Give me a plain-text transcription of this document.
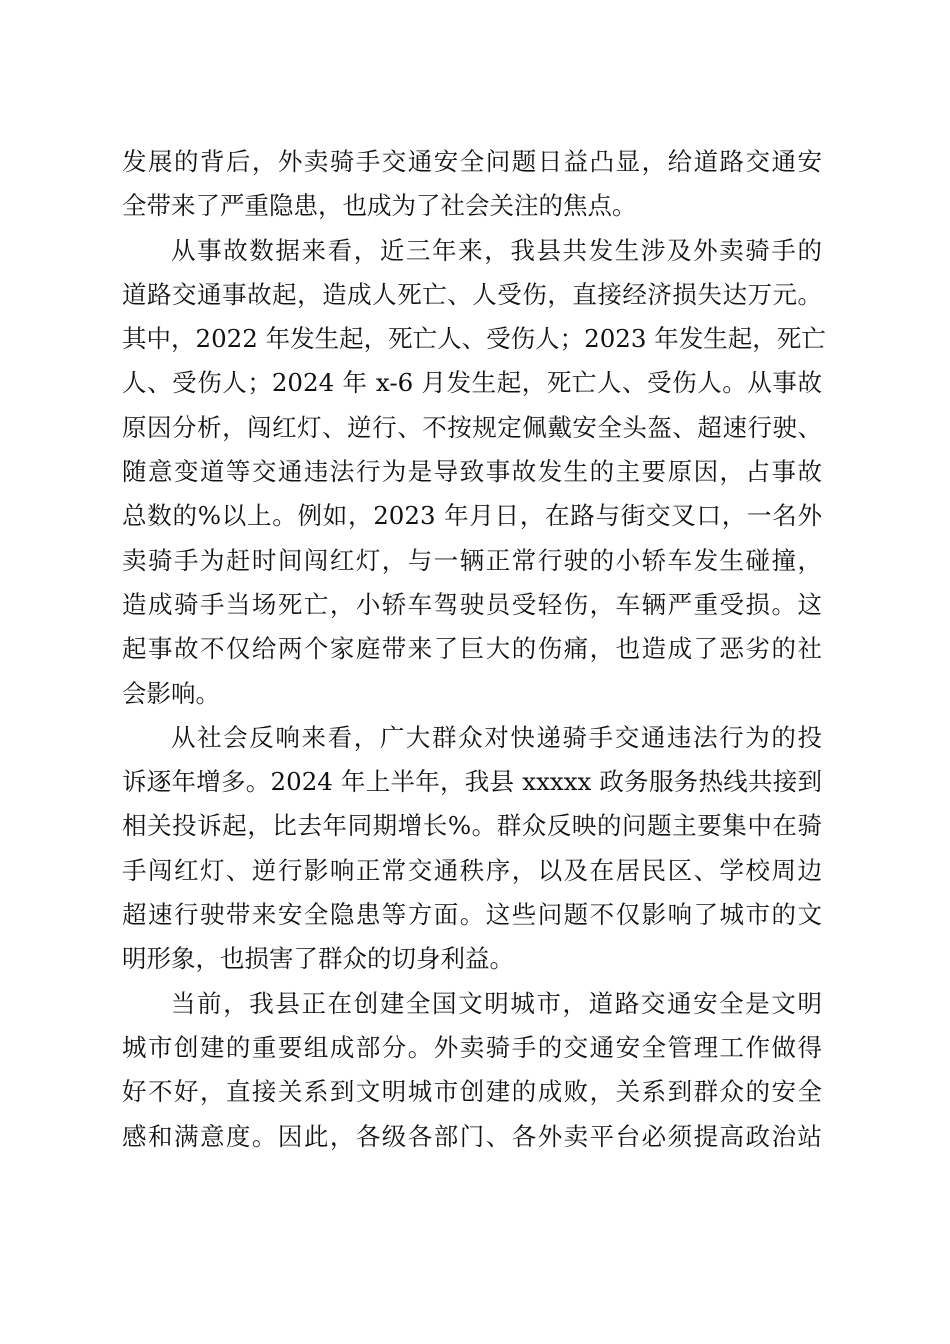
发展的背后，外卖骑手交通安全问题日益凸显，给道路交通安
全带来了严重隐患，也成为了社会关注的焦点。
从事故数据来看，近三年来，我县共发生涉及外卖骑手的
道路交通事故起，造成人死亡、人受伤，直接经济损失达万元。
其中，2022 年发生起，死亡人、受伤人；2023 年发生起，死亡
人、受伤人；2024 年 x-6 月发生起，死亡人、受伤人。从事故
原因分析，闯红灯、逆行、不按规定佩戴安全头盔、超速行驶、
随意变道等交通违法行为是导致事故发生的主要原因，占事故
总数的%以上。例如，2023 年月日，在路与街交叉口，一名外
卖骑手为赶时间闯红灯，与一辆正常行驶的小轿车发生碰撞，
造成骑手当场死亡，小轿车驾驶员受轻伤，车辆严重受损。这
起事故不仅给两个家庭带来了巨大的伤痛，也造成了恶劣的社
会影响。
从社会反响来看，广大群众对快递骑手交通违法行为的投
诉逐年增多。2024 年上半年，我县 xxxxx 政务服务热线共接到
相关投诉起，比去年同期增长%。群众反映的问题主要集中在骑
手闯红灯、逆行影响正常交通秩序，以及在居民区、学校周边
超速行驶带来安全隐患等方面。这些问题不仅影响了城市的文
明形象，也损害了群众的切身利益。
当前，我县正在创建全国文明城市，道路交通安全是文明
城市创建的重要组成部分。外卖骑手的交通安全管理工作做得
好不好，直接关系到文明城市创建的成败，关系到群众的安全
感和满意度。因此，各级各部门、各外卖平台必须提高政治站
